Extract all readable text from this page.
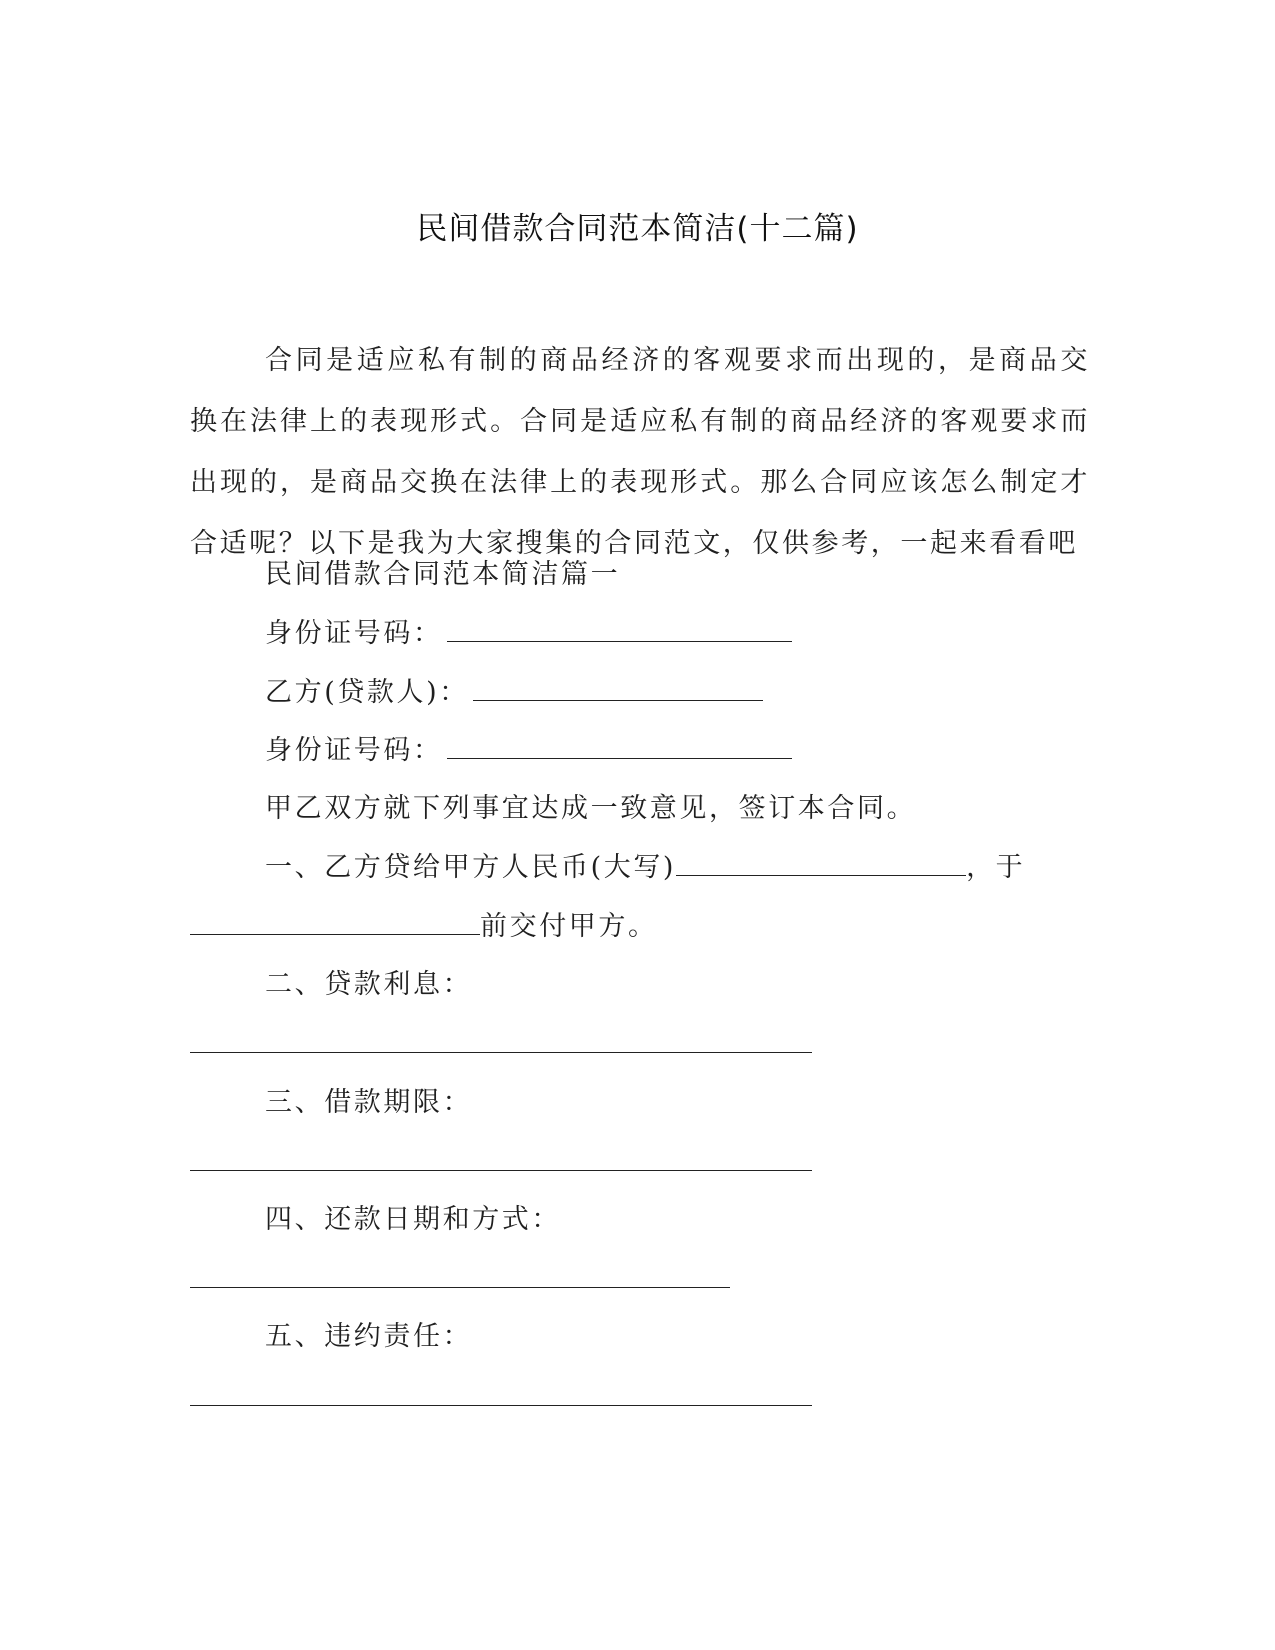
民间借款合同范本简洁(十二篇)
合同是适应私有制的商品经济的客观要求而出现的，是商品交换在法律上的表现形式。合同是适应私有制的商品经济的客观要求而出现的，是商品交换在法律上的表现形式。那么合同应该怎么制定才合适呢？以下是我为大家搜集的合同范文，仅供参考，一起来看看吧
民间借款合同范本简洁篇一
身份证号码：
乙方(贷款人)：
身份证号码：
甲乙双方就下列事宜达成一致意见，签订本合同。
一、乙方贷给甲方人民币(大写)	，于
前交付甲方。
二、贷款利息：
三、借款期限：
四、还款日期和方式：
五、违约责任：
